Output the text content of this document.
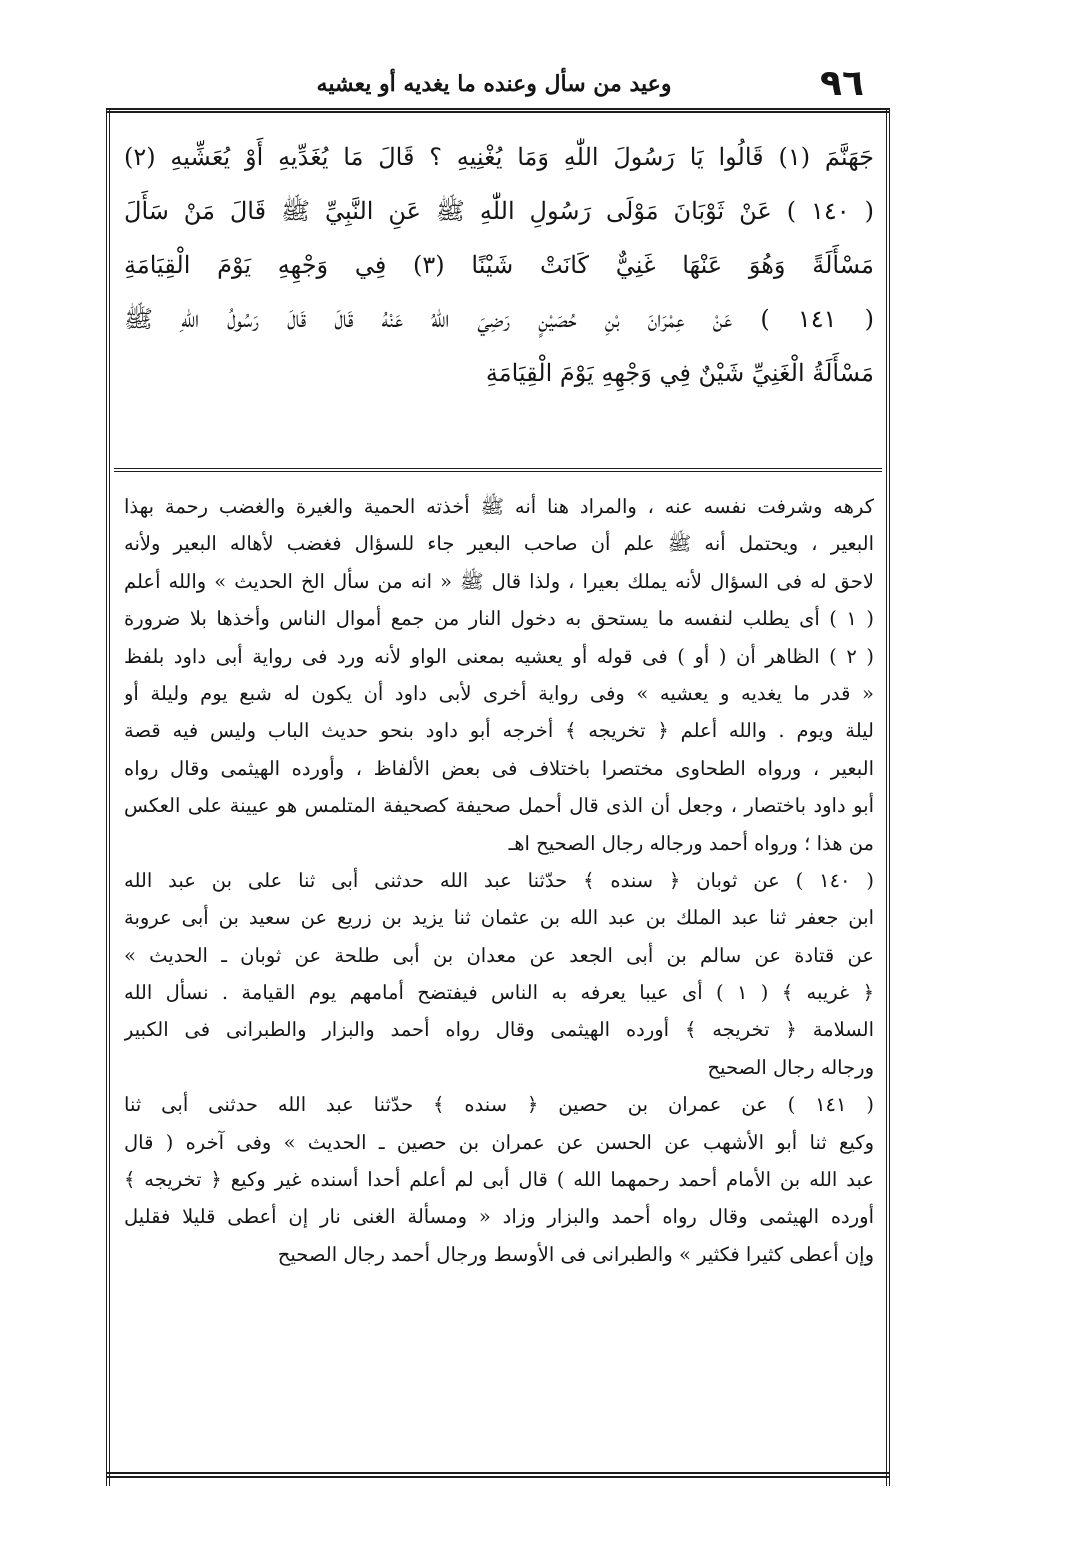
٩٦
وعيد من سأل وعنده ما يغديه أو يعشيه
جَهَنَّمَ (١) قَالُوا يَا رَسُولَ اللّٰهِ وَمَا يُغْنِيهِ ؟ قَالَ مَا يُغَدِّيهِ أَوْ يُعَشِّيهِ (٢)
( ١٤٠ ) عَنْ ثَوْبَانَ مَوْلَى رَسُولِ اللّٰهِ ﷺ عَنِ النَّبِيِّ ﷺ قَالَ مَنْ سَأَلَ
مَسْأَلَةً وَهُوَ عَنْهَا غَنِيٌّ كَانَتْ شَيْنًا (٣) فِي وَجْهِهِ يَوْمَ الْقِيَامَةِ
( ١٤١ ) عَنْ عِمْرَانَ بْنِ حُصَيْنٍ رَضِيَ اللّٰهُ عَنْهُ قَالَ قَالَ رَسُولُ اللّٰهِ ﷺ
مَسْأَلَةُ الْغَنِيِّ شَيْنٌ فِي وَجْهِهِ يَوْمَ الْقِيَامَةِ
كرهه وشرفت نفسه عنه ، والمراد هنا أنه ﷺ أخذته الحمية والغيرة والغضب رحمة بهذا
البعير ، ويحتمل أنه ﷺ علم أن صاحب البعير جاء للسؤال فغضب لأهاله البعير ولأنه
لاحق له فى السؤال لأنه يملك بعيرا ، ولذا قال ﷺ « انه من سأل الخ الحديث » والله أعلم
( ١ ) أى يطلب لنفسه ما يستحق به دخول النار من جمع أموال الناس وأخذها بلا ضرورة
( ٢ ) الظاهر أن ( أو ) فى قوله أو يعشيه بمعنى الواو لأنه ورد فى رواية أبى داود بلفظ
« قدر ما يغديه و يعشيه » وفى رواية أخرى لأبى داود أن يكون له شبع يوم وليلة أو
ليلة ويوم . والله أعلم ﴿ تخريجه ﴾ أخرجه أبو داود بنحو حديث الباب وليس فيه قصة
البعير ، ورواه الطحاوى مختصرا باختلاف فى بعض الألفاظ ، وأورده الهيثمى وقال رواه
أبو داود باختصار ، وجعل أن الذى قال أحمل صحيفة كصحيفة المتلمس هو عيينة على العكس
من هذا ؛ ورواه أحمد ورجاله رجال الصحيح اهـ
( ١٤٠ ) عن ثوبان ﴿ سنده ﴾ حدّثنا عبد الله حدثنى أبى ثنا على بن عبد الله
ابن جعفر ثنا عبد الملك بن عبد الله بن عثمان ثنا يزيد بن زريع عن سعيد بن أبى عروبة
عن قتادة عن سالم بن أبى الجعد عن معدان بن أبى طلحة عن ثوبان ـ الحديث »
﴿ غريبه ﴾ ( ١ ) أى عيبا يعرفه به الناس فيفتضح أمامهم يوم القيامة . نسأل الله
السلامة ﴿ تخريجه ﴾ أورده الهيثمى وقال رواه أحمد والبزار والطبرانى فى الكبير
ورجاله رجال الصحيح
( ١٤١ ) عن عمران بن حصين ﴿ سنده ﴾ حدّثنا عبد الله حدثنى أبى ثنا
وكيع ثنا أبو الأشهب عن الحسن عن عمران بن حصين ـ الحديث » وفى آخره ( قال
عبد الله بن الأمام أحمد رحمهما الله ) قال أبى لم أعلم أحدا أسنده غير وكيع ﴿ تخريجه ﴾
أورده الهيثمى وقال رواه أحمد والبزار وزاد « ومسألة الغنى نار إن أعطى قليلا فقليل
وإن أعطى كثيرا فكثير » والطبرانى فى الأوسط ورجال أحمد رجال الصحيح
